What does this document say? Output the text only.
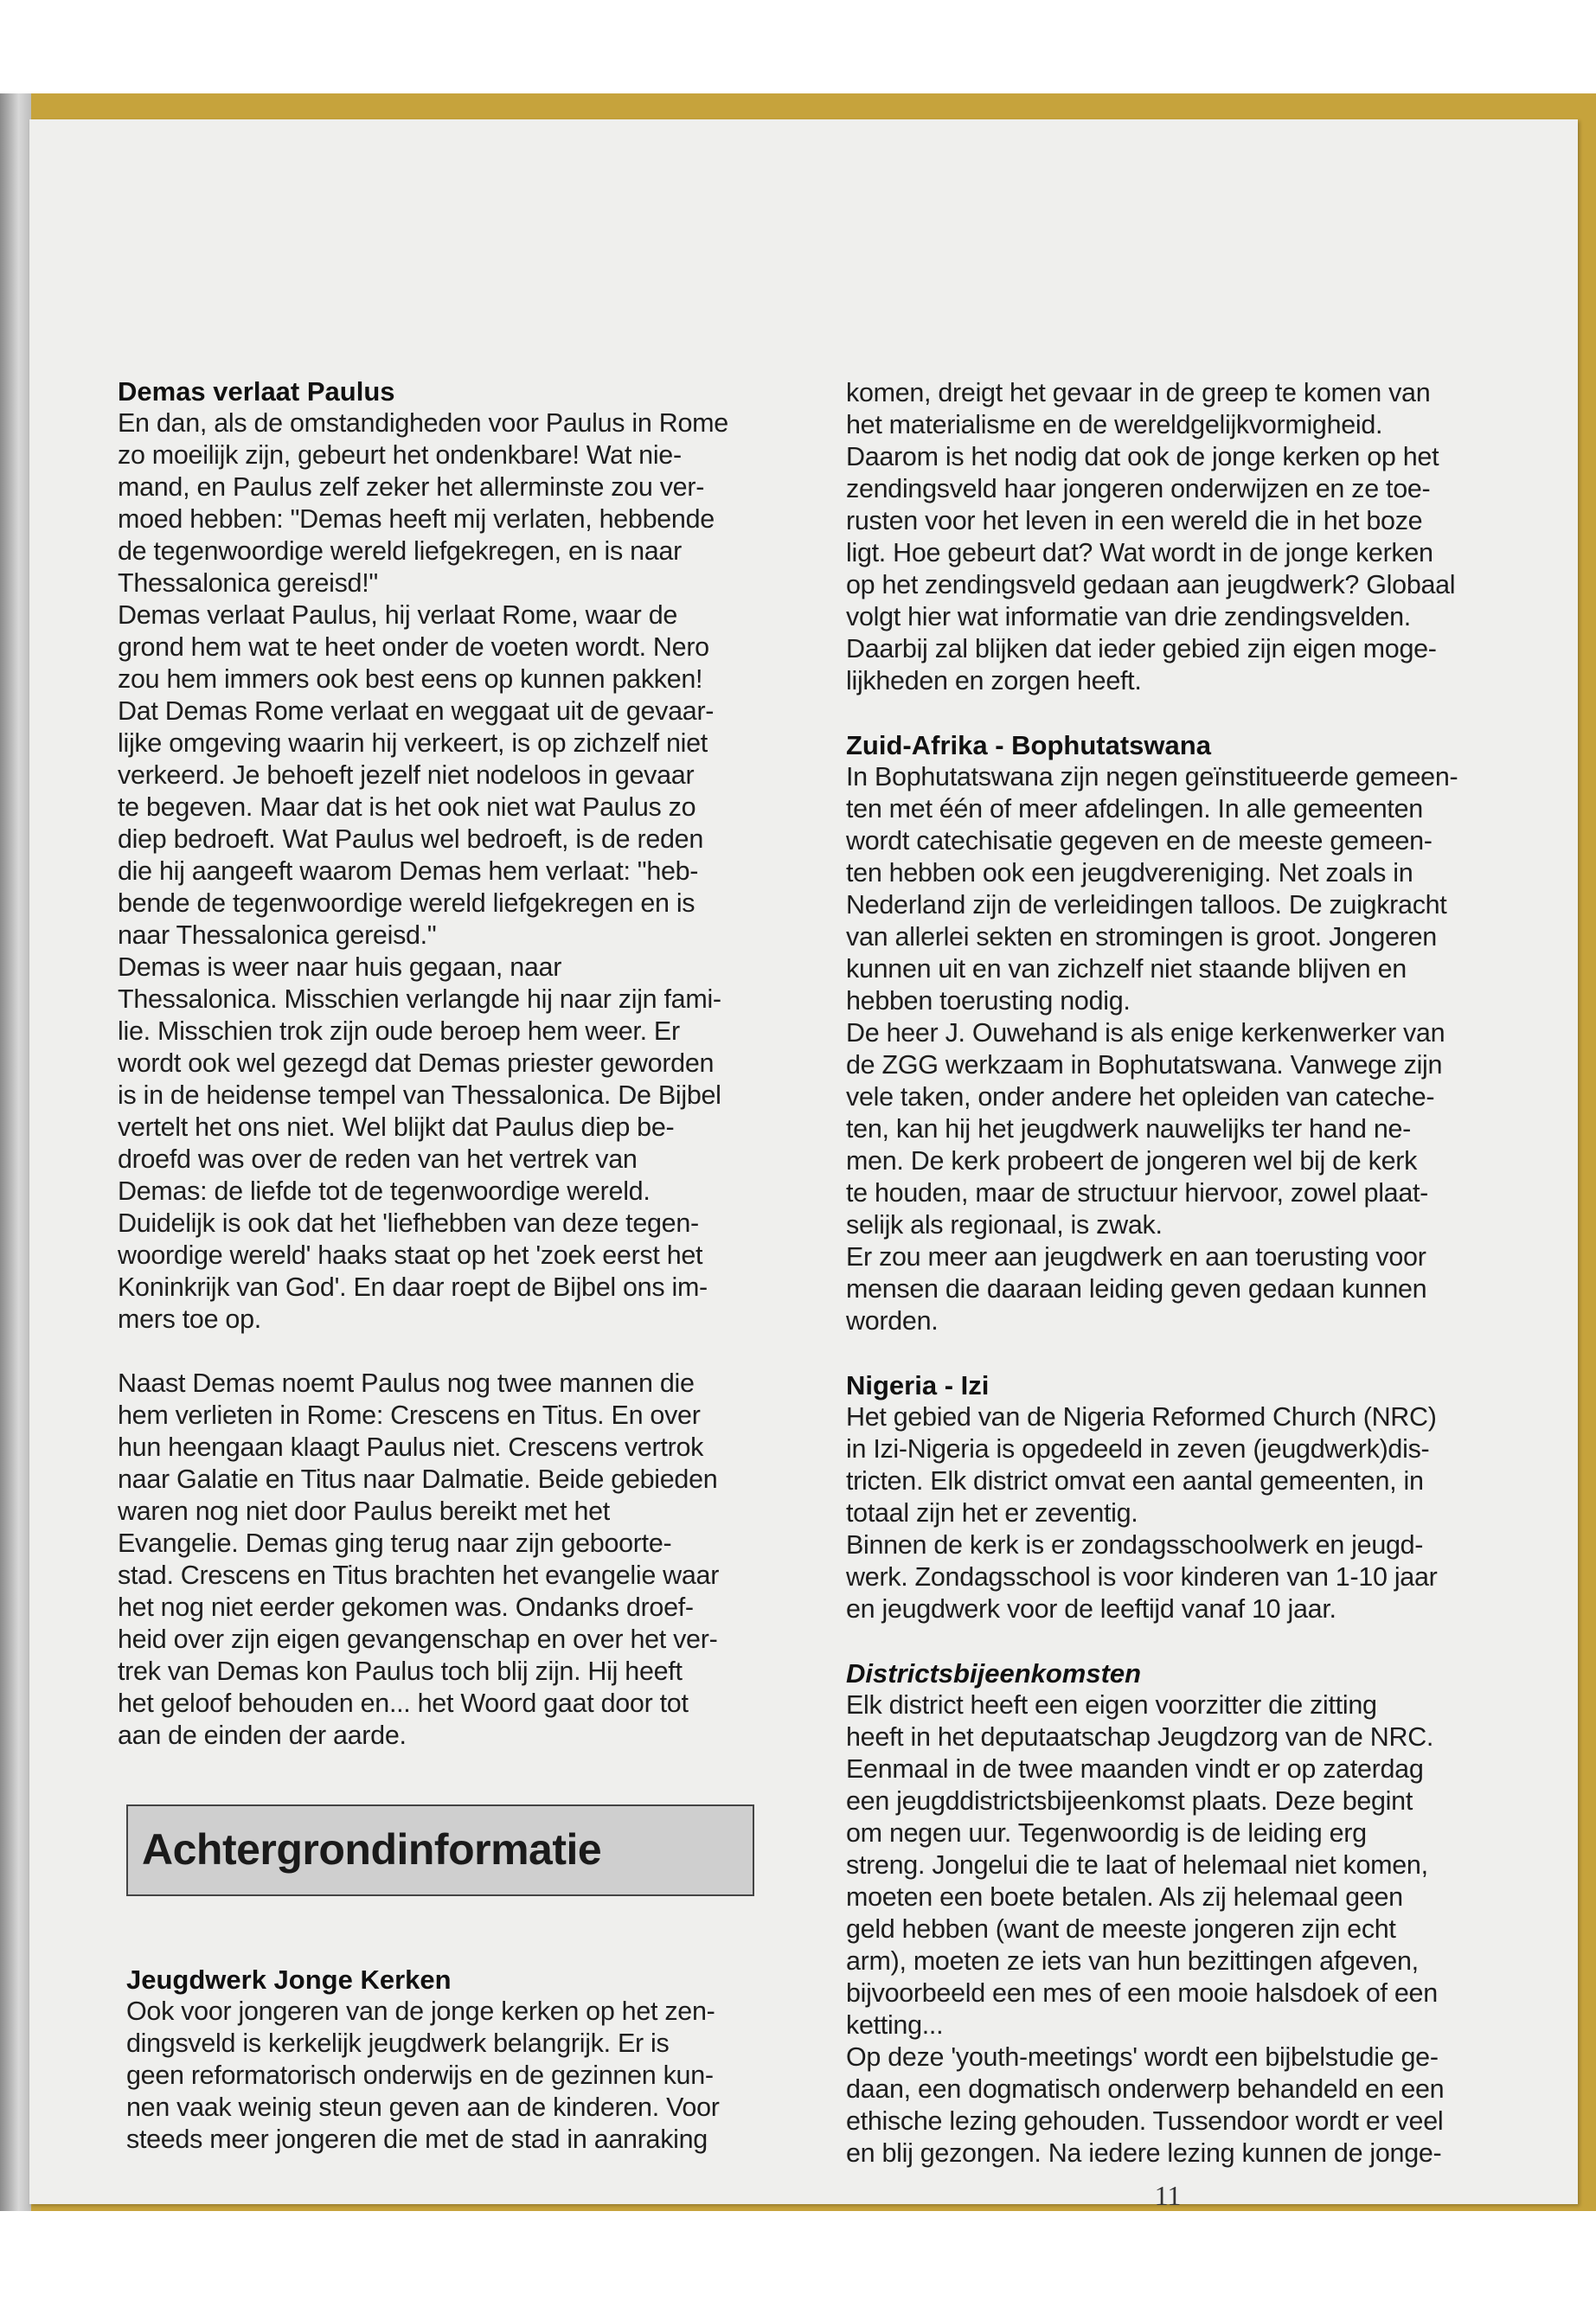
Demas verlaat Paulus

En dan, als de omstandigheden voor Paulus in Rome
zo moeilijk zijn, gebeurt het ondenkbare! Wat nie-
mand, en Paulus zelf zeker het allerminste zou ver-
moed hebben: "Demas heeft mij verlaten, hebbende
de tegenwoordige wereld liefgekregen, en is naar
Thessalonica gereisd!"
Demas verlaat Paulus, hij verlaat Rome, waar de
grond hem wat te heet onder de voeten wordt. Nero
zou hem immers ook best eens op kunnen pakken!
Dat Demas Rome verlaat en weggaat uit de gevaar-
lijke omgeving waarin hij verkeert, is op zichzelf niet
verkeerd. Je behoeft jezelf niet nodeloos in gevaar
te begeven. Maar dat is het ook niet wat Paulus zo
diep bedroeft. Wat Paulus wel bedroeft, is de reden
die hij aangeeft waarom Demas hem verlaat: "heb-
bende de tegenwoordige wereld liefgekregen en is
naar Thessalonica gereisd."
Demas is weer naar huis gegaan, naar
Thessalonica. Misschien verlangde hij naar zijn fami-
lie. Misschien trok zijn oude beroep hem weer. Er
wordt ook wel gezegd dat Demas priester geworden
is in de heidense tempel van Thessalonica. De Bijbel
vertelt het ons niet. Wel blijkt dat Paulus diep be-
droefd was over de reden van het vertrek van
Demas: de liefde tot de tegenwoordige wereld.
Duidelijk is ook dat het 'liefhebben van deze tegen-
woordige wereld' haaks staat op het 'zoek eerst het
Koninkrijk van God'. En daar roept de Bijbel ons im-
mers toe op.

Naast Demas noemt Paulus nog twee mannen die
hem verlieten in Rome: Crescens en Titus. En over
hun heengaan klaagt Paulus niet. Crescens vertrok
naar Galatie en Titus naar Dalmatie. Beide gebieden
waren nog niet door Paulus bereikt met het
Evangelie. Demas ging terug naar zijn geboorte-
stad. Crescens en Titus brachten het evangelie waar
het nog niet eerder gekomen was. Ondanks droef-
heid over zijn eigen gevangenschap en over het ver-
trek van Demas kon Paulus toch blij zijn. Hij heeft
het geloof behouden en... het Woord gaat door tot
aan de einden der aarde.

Achtergrondinformatie
Jeugdwerk Jonge Kerken

Ook voor jongeren van de jonge kerken op het zen-
dingsveld is kerkelijk jeugdwerk belangrijk. Er is
geen reformatorisch onderwijs en de gezinnen kun-
nen vaak weinig steun geven aan de kinderen. Voor
steeds meer jongeren die met de stad in aanraking

komen, dreigt het gevaar in de greep te komen van
het materialisme en de wereldgelijkvormigheid.
Daarom is het nodig dat ook de jonge kerken op het
zendingsveld haar jongeren onderwijzen en ze toe-
rusten voor het leven in een wereld die in het boze
ligt. Hoe gebeurt dat? Wat wordt in de jonge kerken
op het zendingsveld gedaan aan jeugdwerk? Globaal
volgt hier wat informatie van drie zendingsvelden.
Daarbij zal blijken dat ieder gebied zijn eigen moge-
lijkheden en zorgen heeft.

Zuid-Afrika - Bophutatswana

In Bophutatswana zijn negen geïnstitueerde gemeen-
ten met één of meer afdelingen. In alle gemeenten
wordt catechisatie gegeven en de meeste gemeen-
ten hebben ook een jeugdvereniging. Net zoals in
Nederland zijn de verleidingen talloos. De zuigkracht
van allerlei sekten en stromingen is groot. Jongeren
kunnen uit en van zichzelf niet staande blijven en
hebben toerusting nodig.
De heer J. Ouwehand is als enige kerkenwerker van
de ZGG werkzaam in Bophutatswana. Vanwege zijn
vele taken, onder andere het opleiden van cateche-
ten, kan hij het jeugdwerk nauwelijks ter hand ne-
men. De kerk probeert de jongeren wel bij de kerk
te houden, maar de structuur hiervoor, zowel plaat-
selijk als regionaal, is zwak.
Er zou meer aan jeugdwerk en aan toerusting voor
mensen die daaraan leiding geven gedaan kunnen
worden.

Nigeria - Izi

Het gebied van de Nigeria Reformed Church (NRC)
in Izi-Nigeria is opgedeeld in zeven (jeugdwerk)dis-
tricten. Elk district omvat een aantal gemeenten, in
totaal zijn het er zeventig.
Binnen de kerk is er zondagsschoolwerk en jeugd-
werk. Zondagsschool is voor kinderen van 1-10 jaar
en jeugdwerk voor de leeftijd vanaf 10 jaar.

Districtsbijeenkomsten

Elk district heeft een eigen voorzitter die zitting
heeft in het deputaatschap Jeugdzorg van de NRC.
Eenmaal in de twee maanden vindt er op zaterdag
een jeugddistrictsbijeenkomst plaats. Deze begint
om negen uur. Tegenwoordig is de leiding erg
streng. Jongelui die te laat of helemaal niet komen,
moeten een boete betalen. Als zij helemaal geen
geld hebben (want de meeste jongeren zijn echt
arm), moeten ze iets van hun bezittingen afgeven,
bijvoorbeeld een mes of een mooie halsdoek of een
ketting...
Op deze 'youth-meetings' wordt een bijbelstudie ge-
daan, een dogmatisch onderwerp behandeld en een
ethische lezing gehouden. Tussendoor wordt er veel
en blij gezongen. Na iedere lezing kunnen de jonge-

11
